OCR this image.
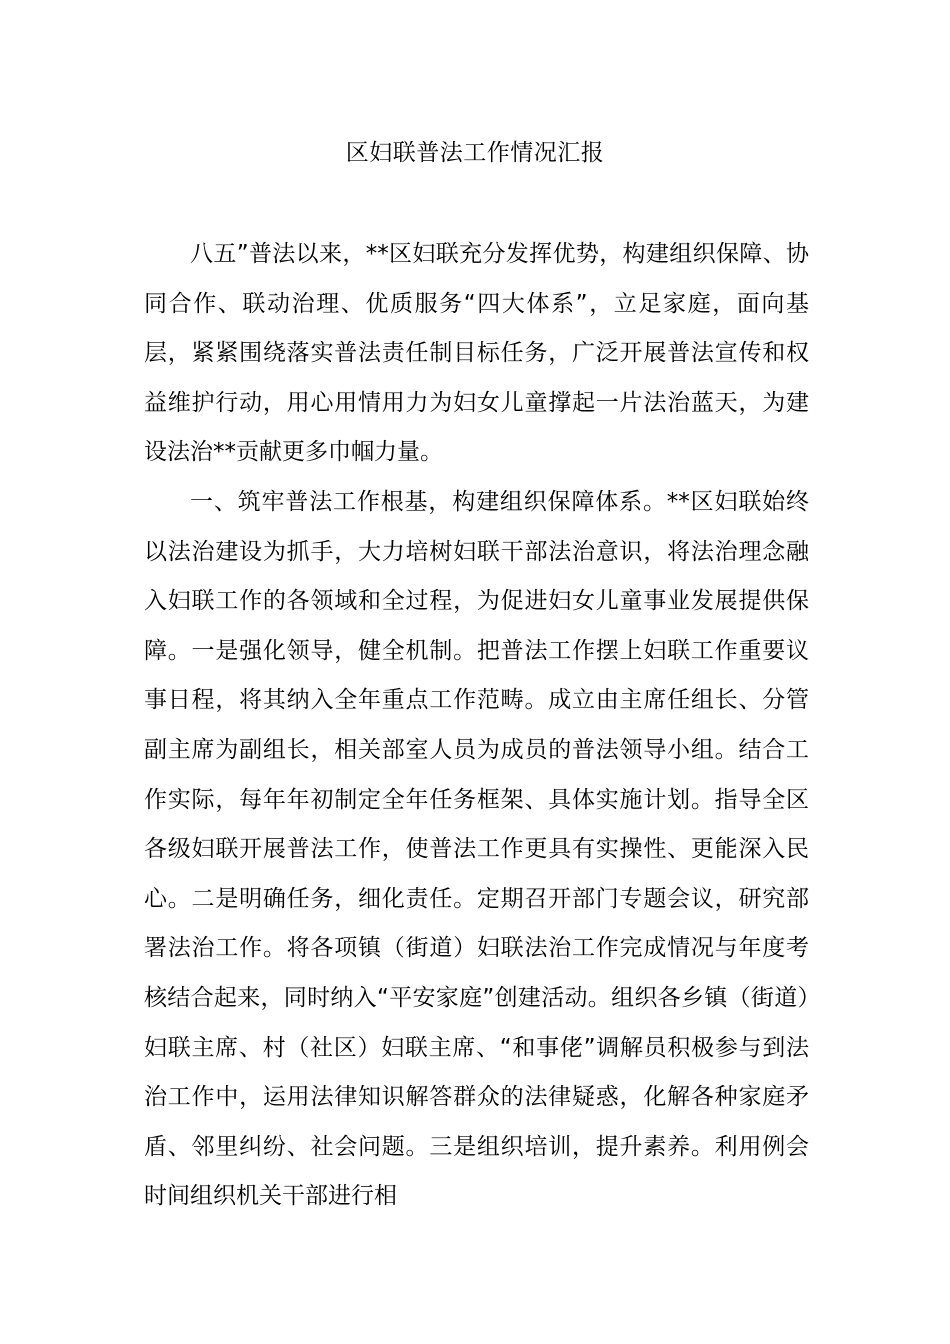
区妇联普法工作情况汇报

八五”普法以来，**区妇联充分发挥优势，构建组织保障、协同合作、联动治理、优质服务“四大体系”，立足家庭，面向基层，紧紧围绕落实普法责任制目标任务，广泛开展普法宣传和权益维护行动，用心用情用力为妇女儿童撑起一片法治蓝天，为建设法治**贡献更多巾帼力量。

一、筑牢普法工作根基，构建组织保障体系。**区妇联始终以法治建设为抓手，大力培树妇联干部法治意识，将法治理念融入妇联工作的各领域和全过程，为促进妇女儿童事业发展提供保障。一是强化领导，健全机制。把普法工作摆上妇联工作重要议事日程，将其纳入全年重点工作范畴。成立由主席任组长、分管副主席为副组长，相关部室人员为成员的普法领导小组。结合工作实际，每年年初制定全年任务框架、具体实施计划。指导全区各级妇联开展普法工作，使普法工作更具有实操性、更能深入民心。二是明确任务，细化责任。定期召开部门专题会议，研究部署法治工作。将各项镇（街道）妇联法治工作完成情况与年度考核结合起来，同时纳入“平安家庭”创建活动。组织各乡镇（街道）妇联主席、村（社区）妇联主席、“和事佬”调解员积极参与到法治工作中，运用法律知识解答群众的法律疑惑，化解各种家庭矛盾、邻里纠纷、社会问题。三是组织培训，提升素养。利用例会时间组织机关干部进行相
